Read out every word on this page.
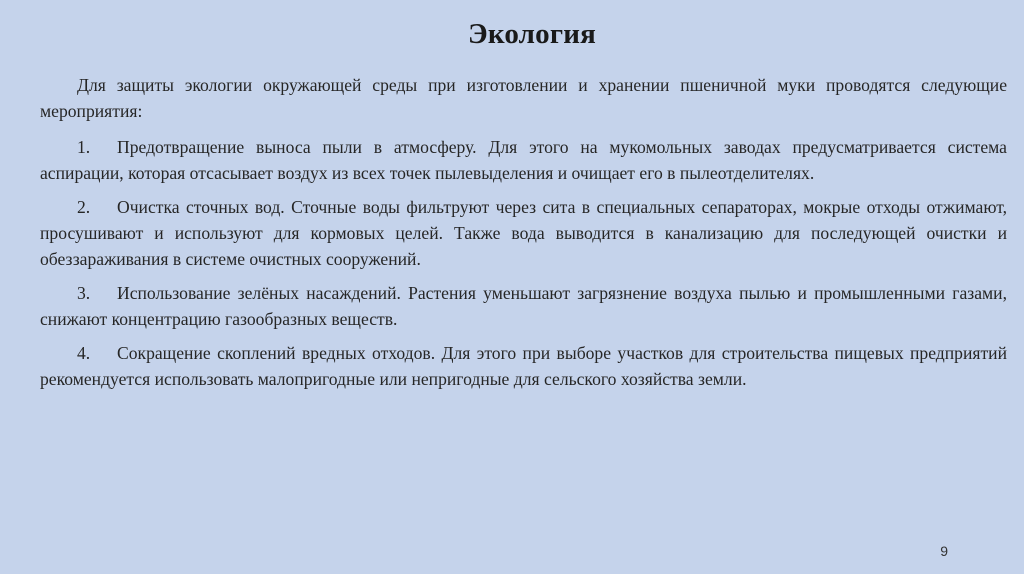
Экология

Для защиты экологии окружающей среды при изготовлении и хранении пшеничной муки проводятся следующие мероприятия:

1. Предотвращение выноса пыли в атмосферу. Для этого на мукомольных заводах предусматривается система аспирации, которая отсасывает воздух из всех точек пылевыделения и очищает его в пылеотделителях.

2. Очистка сточных вод. Сточные воды фильтруют через сита в специальных сепараторах, мокрые отходы отжимают, просушивают и используют для кормовых целей. Также вода выводится в канализацию для последующей очистки и обеззараживания в системе очистных сооружений.

3. Использование зелёных насаждений. Растения уменьшают загрязнение воздуха пылью и промышленными газами, снижают концентрацию газообразных веществ.

4. Сокращение скоплений вредных отходов. Для этого при выборе участков для строительства пищевых предприятий рекомендуется использовать малопригодные или непригодные для сельского хозяйства земли.

9
